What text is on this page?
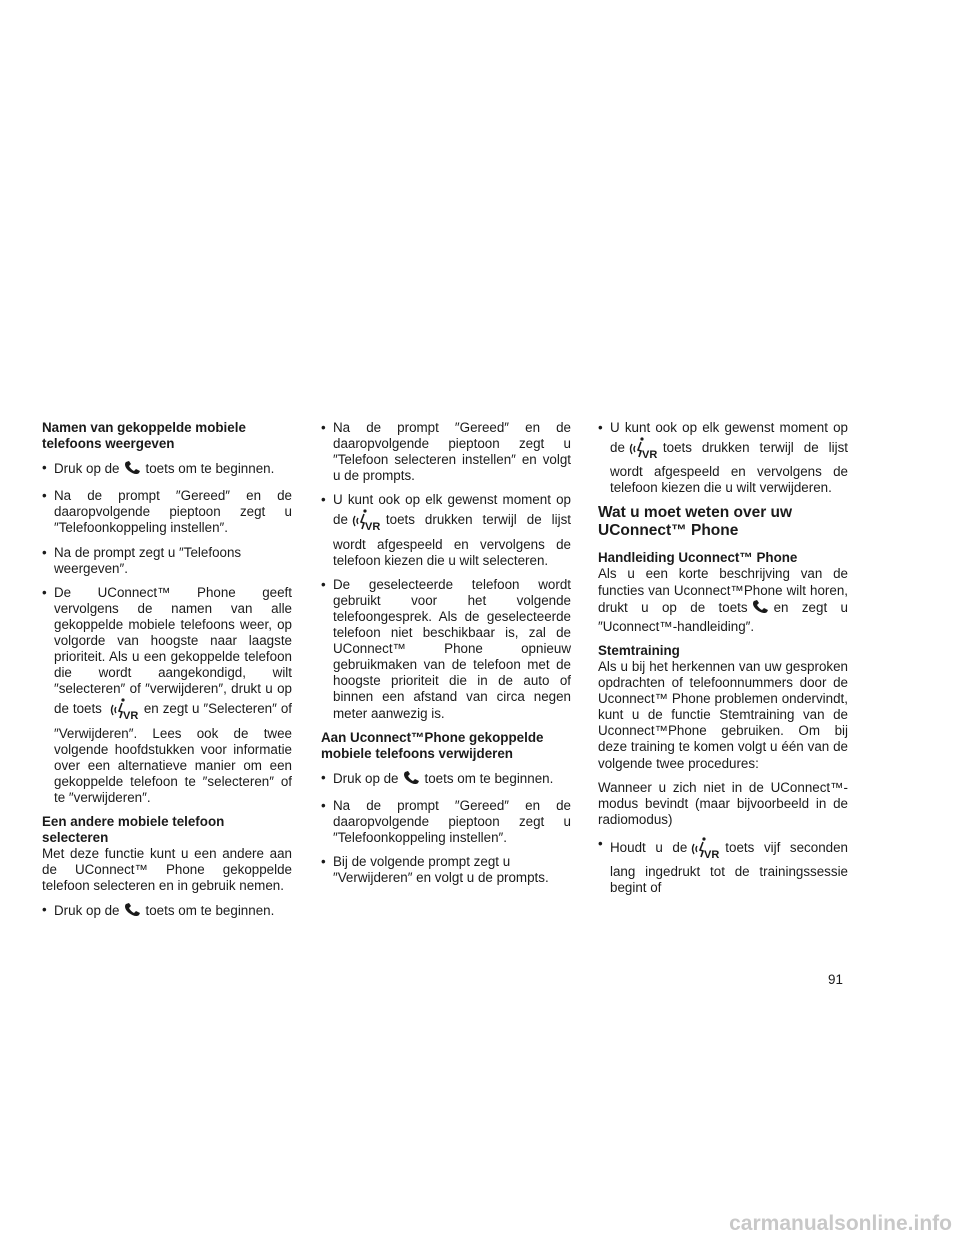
Namen van gekoppelde mobiele telefoons weergeven
• Druk op de toets om te beginnen.
• Na de prompt ″Gereed″ en de daaropvolgende pieptoon zegt u ″Telefoonkoppeling instellen″.
• Na de prompt zegt u ″Telefoons weergeven″.
• De UConnect™ Phone geeft vervolgens de namen van alle gekoppelde mobiele telefoons weer, op volgorde van hoogste naar laagste prioriteit. Als u een gekoppelde telefoon die wordt aangekondigd, wilt ″selecteren″ of ″verwijderen″, drukt u op de toets VR en zegt u ″Selecteren″ of ″Verwijderen″. Lees ook de twee volgende hoofdstukken voor informatie over een alternatieve manier om een gekoppelde telefoon te ″selecteren″ of te ″verwijderen″.
Een andere mobiele telefoon selecteren
Met deze functie kunt u een andere aan de UConnect™ Phone gekoppelde telefoon selecteren en in gebruik nemen.
• Druk op de toets om te beginnen.
• Na de prompt ″Gereed″ en de daaropvolgende pieptoon zegt u ″Telefoon selecteren instellen″ en volgt u de prompts.
• U kunt ook op elk gewenst moment op de VR toets drukken terwijl de lijst wordt afgespeeld en vervolgens de telefoon kiezen die u wilt selecteren.
• De geselecteerde telefoon wordt gebruikt voor het volgende telefoongesprek. Als de geselecteerde telefoon niet beschikbaar is, zal de UConnect™ Phone opnieuw gebruikmaken van de telefoon met de hoogste prioriteit die in de auto of binnen een afstand van circa negen meter aanwezig is.
Aan Uconnect™Phone gekoppelde mobiele telefoons verwijderen
• Druk op de toets om te beginnen.
• Na de prompt ″Gereed″ en de daaropvolgende pieptoon zegt u ″Telefoonkoppeling instellen″.
• Bij de volgende prompt zegt u ″Verwijderen″ en volgt u de prompts.
• U kunt ook op elk gewenst moment op de VR toets drukken terwijl de lijst wordt afgespeeld en vervolgens de telefoon kiezen die u wilt verwijderen.
Wat u moet weten over uw UConnect™ Phone
Handleiding Uconnect™ Phone
Als u een korte beschrijving van de functies van Uconnect™Phone wilt horen, drukt u op de toets en zegt u ″Uconnect™-handleiding″.
Stemtraining
Als u bij het herkennen van uw gesproken opdrachten of telefoonnummers door de Uconnect™ Phone problemen ondervindt, kunt u de functie Stemtraining van de Uconnect™Phone gebruiken. Om bij deze training te komen volgt u één van de volgende twee procedures:
Wanneer u zich niet in de UConnect™-modus bevindt (maar bijvoorbeeld in de radiomodus)
• Houdt u de VR toets vijf seconden lang ingedrukt tot de trainingssessie begint of
91
carmanualsonline.info
